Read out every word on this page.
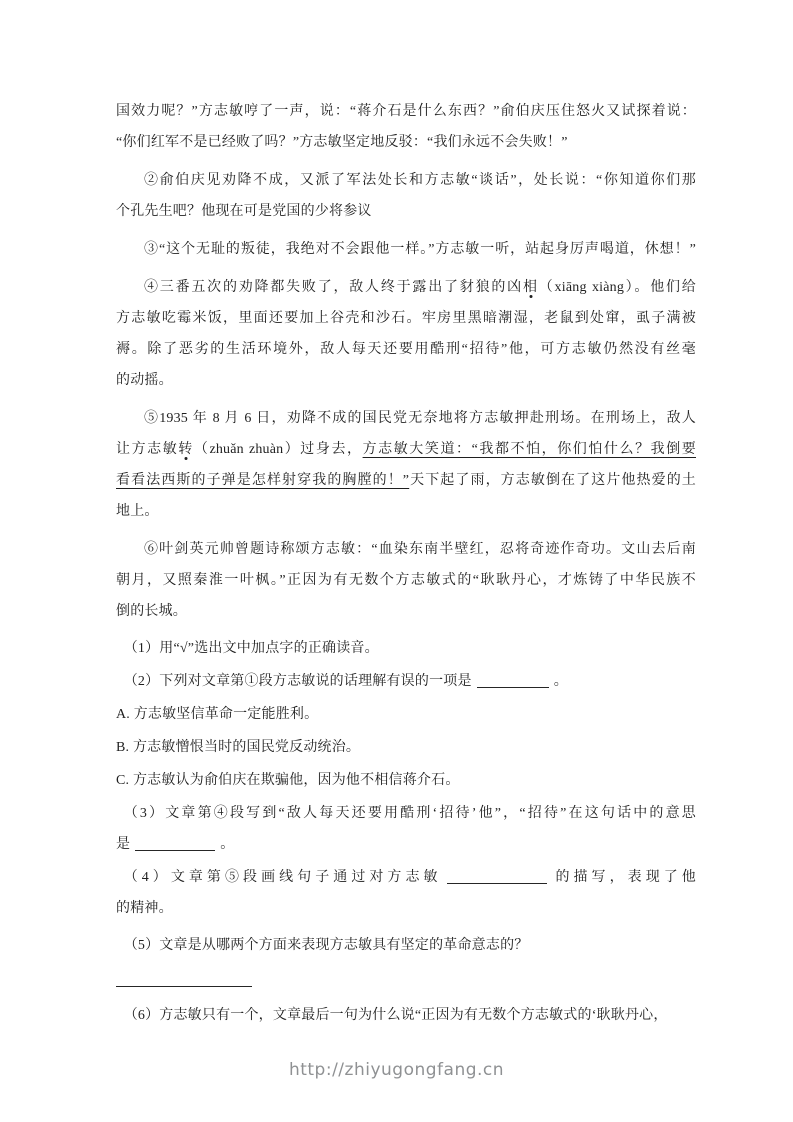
国效力呢？”方志敏哼了一声，说：“蒋介石是什么东西？”俞伯庆压住怒火又试探着说：
“你们红军不是已经败了吗？”方志敏坚定地反驳：“我们永远不会失败！”
②俞伯庆见劝降不成，又派了军法处长和方志敏“谈话”，处长说：“你知道你们那
个孔先生吧？他现在可是党国的少将参议
③“这个无耻的叛徒，我绝对不会跟他一样。”方志敏一听，站起身厉声喝道，休想！”
④三番五次的劝降都失败了，敌人终于露出了豺狼的凶相（xiāng xiàng）。他们给
方志敏吃霉米饭，里面还要加上谷壳和沙石。牢房里黑暗潮湿，老鼠到处窜，虱子满被
褥。除了恶劣的生活环境外，敌人每天还要用酷刑“招待”他，可方志敏仍然没有丝毫
的动摇。
⑤1935 年 8 月 6 日，劝降不成的国民党无奈地将方志敏押赴刑场。在刑场上，敌人
让方志敏转（zhuǎn zhuàn）过身去，方志敏大笑道：“我都不怕，你们怕什么？我倒要
看看法西斯的子弹是怎样射穿我的胸膛的！”天下起了雨，方志敏倒在了这片他热爱的土
地上。
⑥叶剑英元帅曾题诗称颂方志敏：“血染东南半壁红，忍将奇迹作奇功。文山去后南
朝月，又照秦淮一叶枫。”正因为有无数个方志敏式的“耿耿丹心，才炼铸了中华民族不
倒的长城。
（1）用“√”选出文中加点字的正确读音。
（2）下列对文章第①段方志敏说的话理解有误的一项是	。
A. 方志敏坚信革命一定能胜利。
B. 方志敏憎恨当时的国民党反动统治。
C. 方志敏认为俞伯庆在欺骗他，因为他不相信蒋介石。
（3）文章第④段写到“敌人每天还要用酷刑‘招待’他”，“招待”在这句话中的意思
是	。
（4）文章第⑤段画线句子通过对方志敏	的描写，表现了他
的精神。
（5）文章是从哪两个方面来表现方志敏具有坚定的革命意志的？
（6）方志敏只有一个，文章最后一句为什么说“正因为有无数个方志敏式的‘耿耿丹心，
http://zhiyugongfang.cn
